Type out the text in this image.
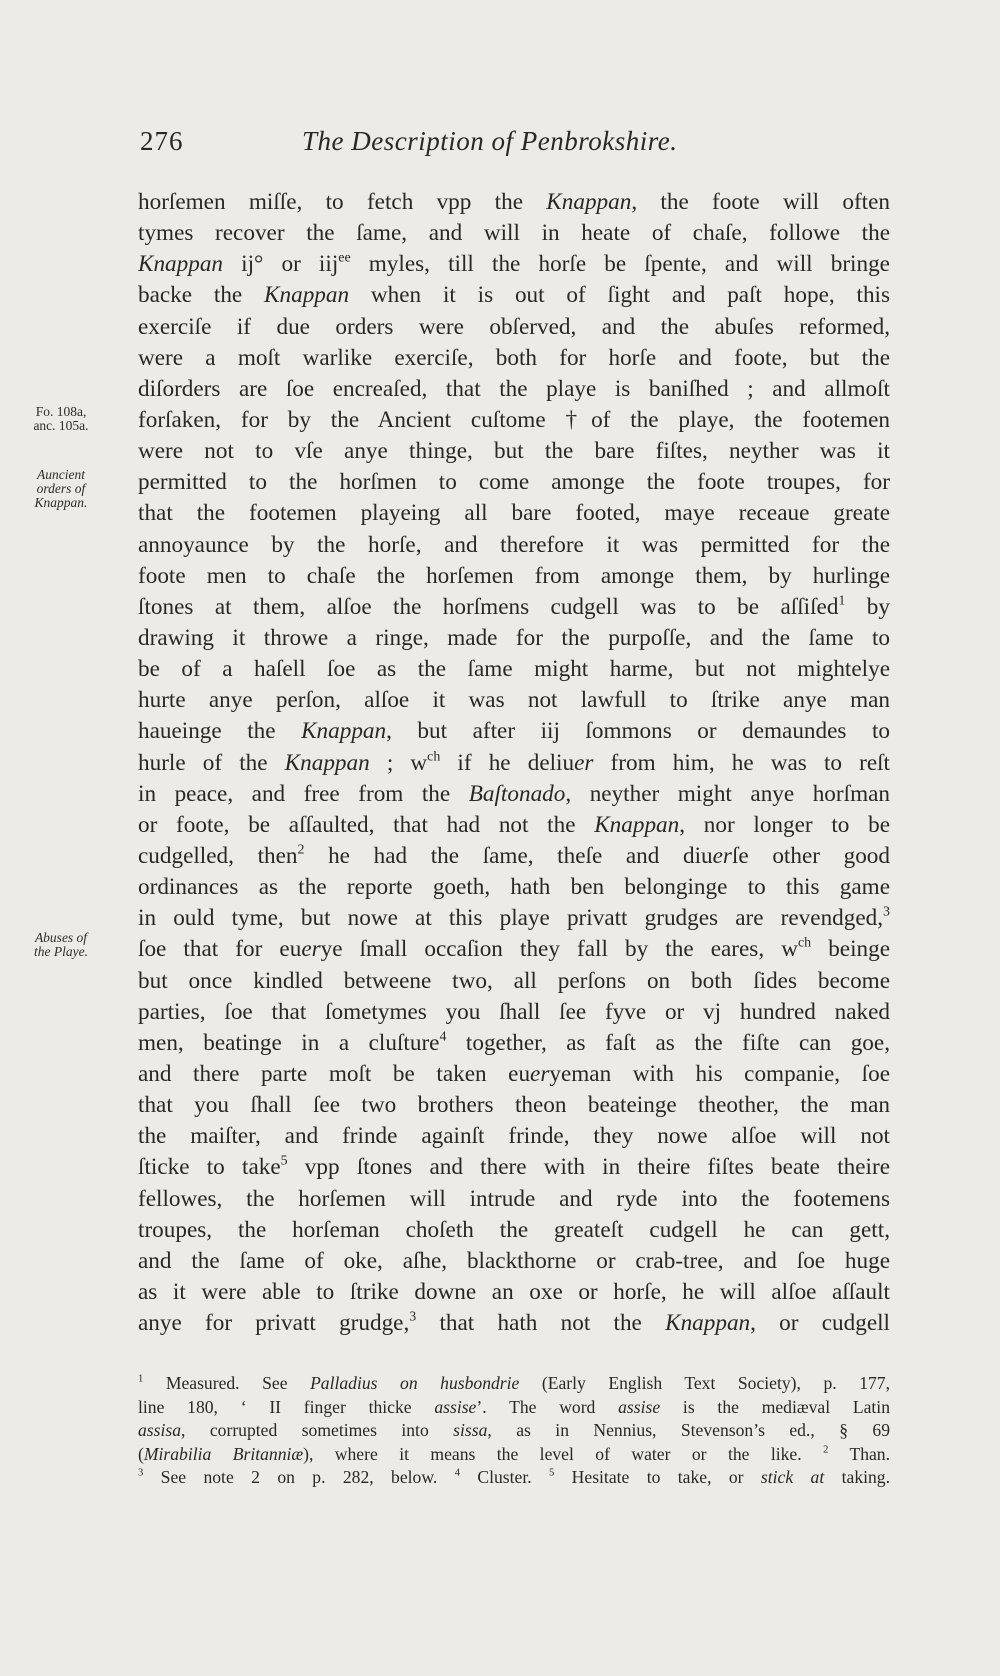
276	The Description of Penbrokshire.
Fo. 108a,
anc. 105a.
Auncient
orders of
Knappan.
Abuses of
the Playe.
horſemen miſſe, to fetch vpp the Knappan, the foote will often
tymes recover the ſame, and will in heate of chaſe, followe the
Knappan ij° or iij$^{ee}$ myles, till the horſe be ſpente, and will bringe
backe the Knappan when it is out of ſight and paſt hope, this
exerciſe if due orders were obſerved, and the abuſes reformed,
were a moſt warlike exerciſe, both for horſe and foote, but the
diſorders are ſoe encreaſed, that the playe is baniſhed ; and allmoſt
forſaken, for by the Ancient cuſtome †of the playe, the footemen
were not to vſe anye thinge, but the bare fiſtes, neyther was it
permitted to the horſmen to come amonge the foote troupes, for
that the footemen playeing all bare footed, maye receaue greate
annoyaunce by the horſe, and therefore it was permitted for the
foote men to chaſe the horſemen from amonge them, by hurlinge
ſtones at them, alſoe the horſmens cudgell was to be aſſiſed$^1$ by
drawing it throwe a ringe, made for the purpoſſe, and the ſame to
be of a haſell ſoe as the ſame might harme, but not mightelye
hurte anye perſon, alſoe it was not lawfull to ſtrike anye man
haueinge the Knappan, but after iij ſommons or demaundes to
hurle of the Knappan ; $w^{ch}$ if he deliuer from him, he was to reſt
in peace, and free from the Baſtonado, neyther might anye horſman
or foote, be aſſaulted, that had not the Knappan, nor longer to be
cudgelled, then$^2$ he had the ſame, theſe and diuerſe other good
ordinances as the reporte goeth, hath ben belonginge to this game
in ould tyme, but nowe at this playe privatt grudges are revendged,$^3$
ſoe that for euerye ſmall occaſion they fall by the eares, $w^{ch}$ beinge
but once kindled betweene two, all perſons on both ſides become
parties, ſoe that ſometymes you ſhall ſee fyve or vj hundred naked
men, beatinge in a cluſture$^4$ together, as faſt as the fiſte can goe,
and there parte moſt be taken eueryeman with his companie, ſoe
that you ſhall ſee two brothers theon beateinge theother, the man
the maiſter, and frinde againſt frinde, they nowe alſoe will not
ſticke to take$^5$ vpp ſtones and there with in theire fiſtes beate theire
fellowes, the horſemen will intrude and ryde into the footemens
troupes, the horſeman choſeth the greateſt cudgell he can gett,
and the ſame of oke, aſhe, blackthorne or crab-tree, and ſoe huge
as it were able to ſtrike downe an oxe or horſe, he will alſoe aſſault
anye for privatt grudge,$^3$ that hath not the Knappan, or cudgell
$^1$ Measured. See Palladius on husbondrie (Early English Text Society), p. 177,
line 180, ‘ II finger thicke assise’. The word assise is the mediæval Latin
assisa, corrupted sometimes into sissa, as in Nennius, Stevenson’s ed., § 69
(Mirabilia Britanniæ), where it means the level of water or the like. $^2$ Than.
$^3$ See note 2 on p. 282, below. $^4$ Cluster. $^5$ Hesitate to take, or stick at taking.
